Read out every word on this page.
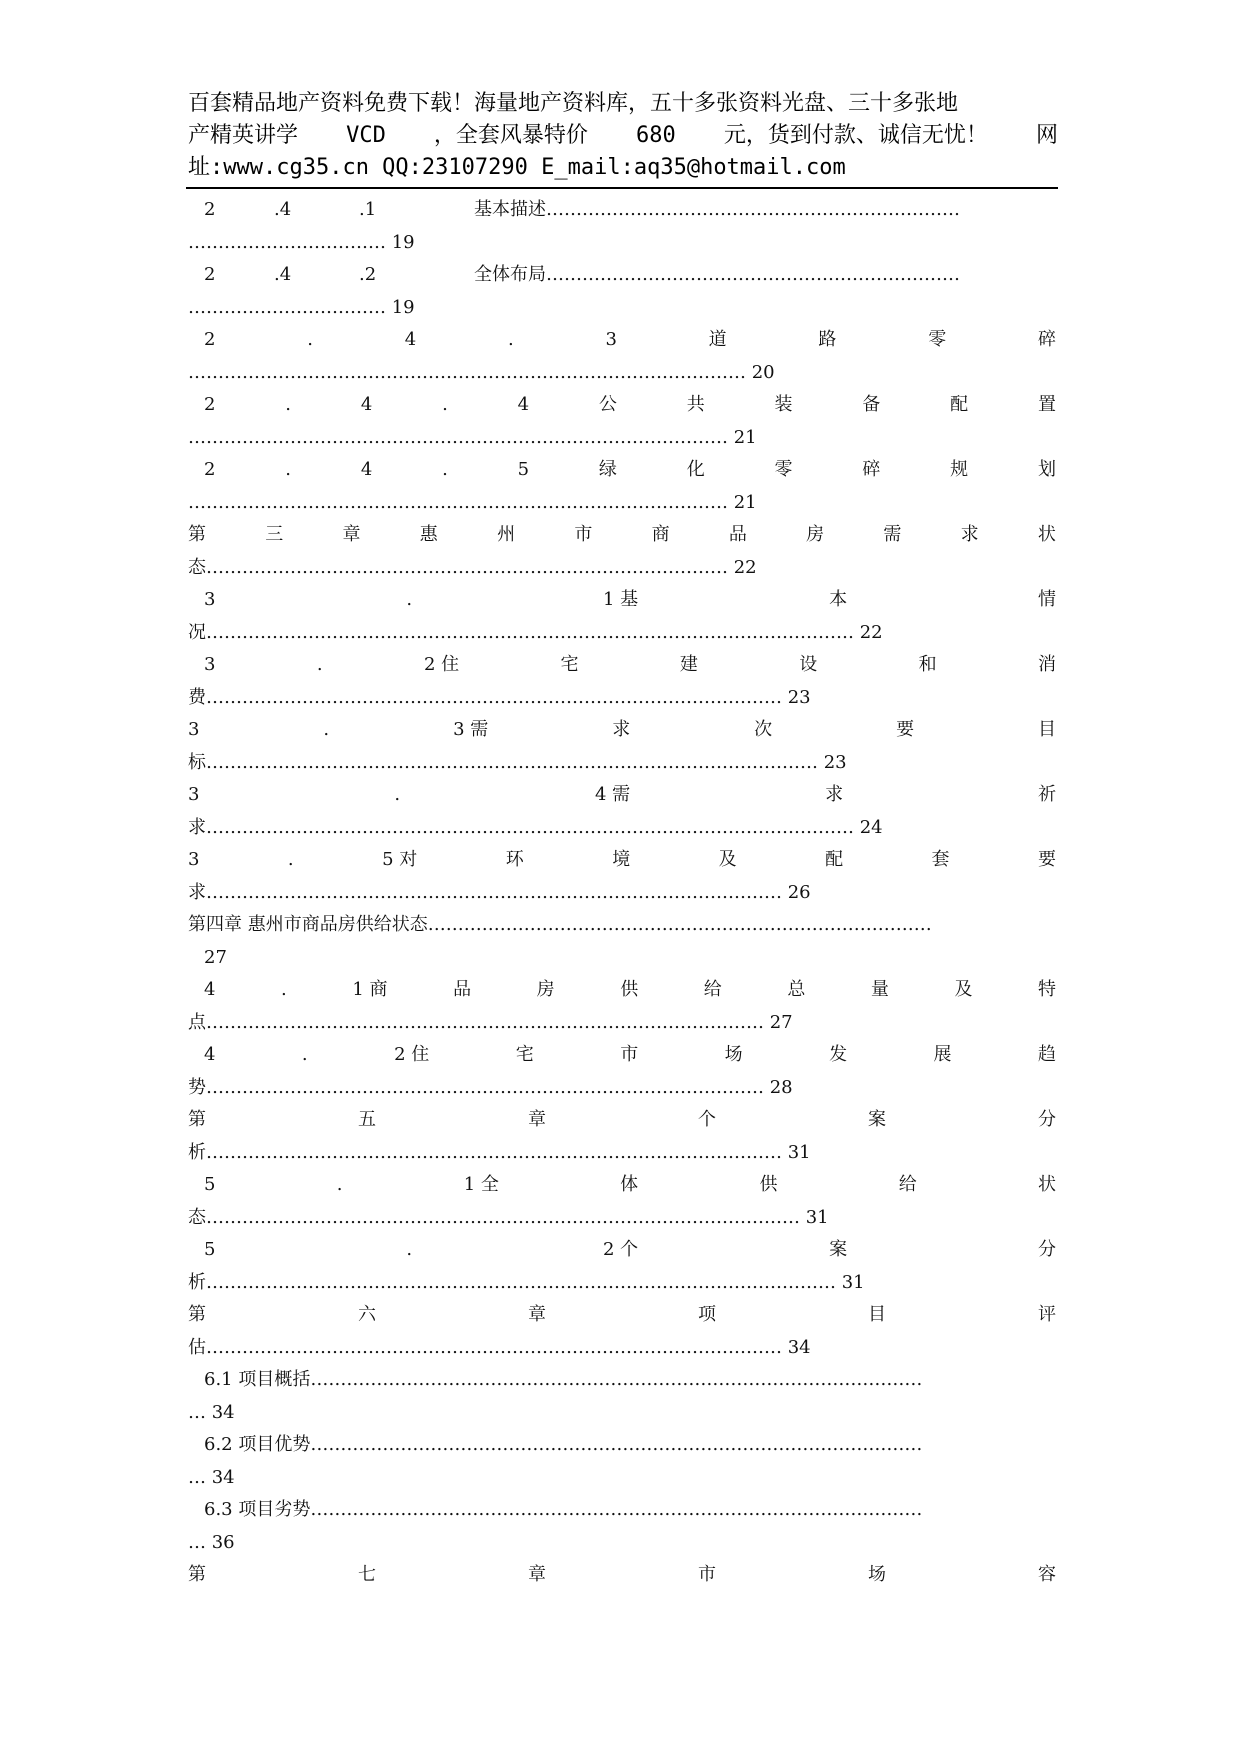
百套精品地产资料免费下载！海量地产资料库，五十多张资料光盘、三十多张地
产精英讲学 VCD ，全套风暴特价 680 元，货到付款、诚信无忧！ 网
址:www.cg35.cn QQ:23107290 E_mail:aq35@hotmail.com
2	.4	.1	基本描述……………………………………………………………
…………………………… 19
2	.4	.2	全体布局……………………………………………………………
…………………………… 19
2	.	4	.	3	道	路	零	碎
………………………………………………………………………………… 20
2	.	4	.	4	公	共	装	备	配	置
……………………………………………………………………………… 21
2	.	4	.	5	绿	化	零	碎	规	划
……………………………………………………………………………… 21
第	三	章	惠	州	市	商	品	房	需	求	状
态…………………………………………………………………………… 22
3	.	1 基	本	情
况……………………………………………………………………………………………… 22
3	.	2 住	宅	建	设	和	消
费…………………………………………………………………………………… 23
3	.	3 需	求	次	要	目
标………………………………………………………………………………………… 23
3	.	4 需	求	祈
求……………………………………………………………………………………………… 24
3	.	5 对	环	境	及	配	套	要
求…………………………………………………………………………………… 26
第四章 惠州市商品房供给状态…………………………………………………………………………
27
4	.	1 商	品	房	供	给	总	量	及	特
点………………………………………………………………………………… 27
4	.	2 住	宅	市	场	发	展	趋
势………………………………………………………………………………… 28
第	五	章	个	案	分
析…………………………………………………………………………………… 31
5	.	1 全	体	供	给	状
态……………………………………………………………………………………… 31
5	.	2 个	案	分
析…………………………………………………………………………………………… 31
第	六	章	项	目	评
估…………………………………………………………………………………… 34
6.1 项目概括…………………………………………………………………………………………
… 34
6.2 项目优势…………………………………………………………………………………………
… 34
6.3 项目劣势…………………………………………………………………………………………
… 36
第	七	章	市	场	容
